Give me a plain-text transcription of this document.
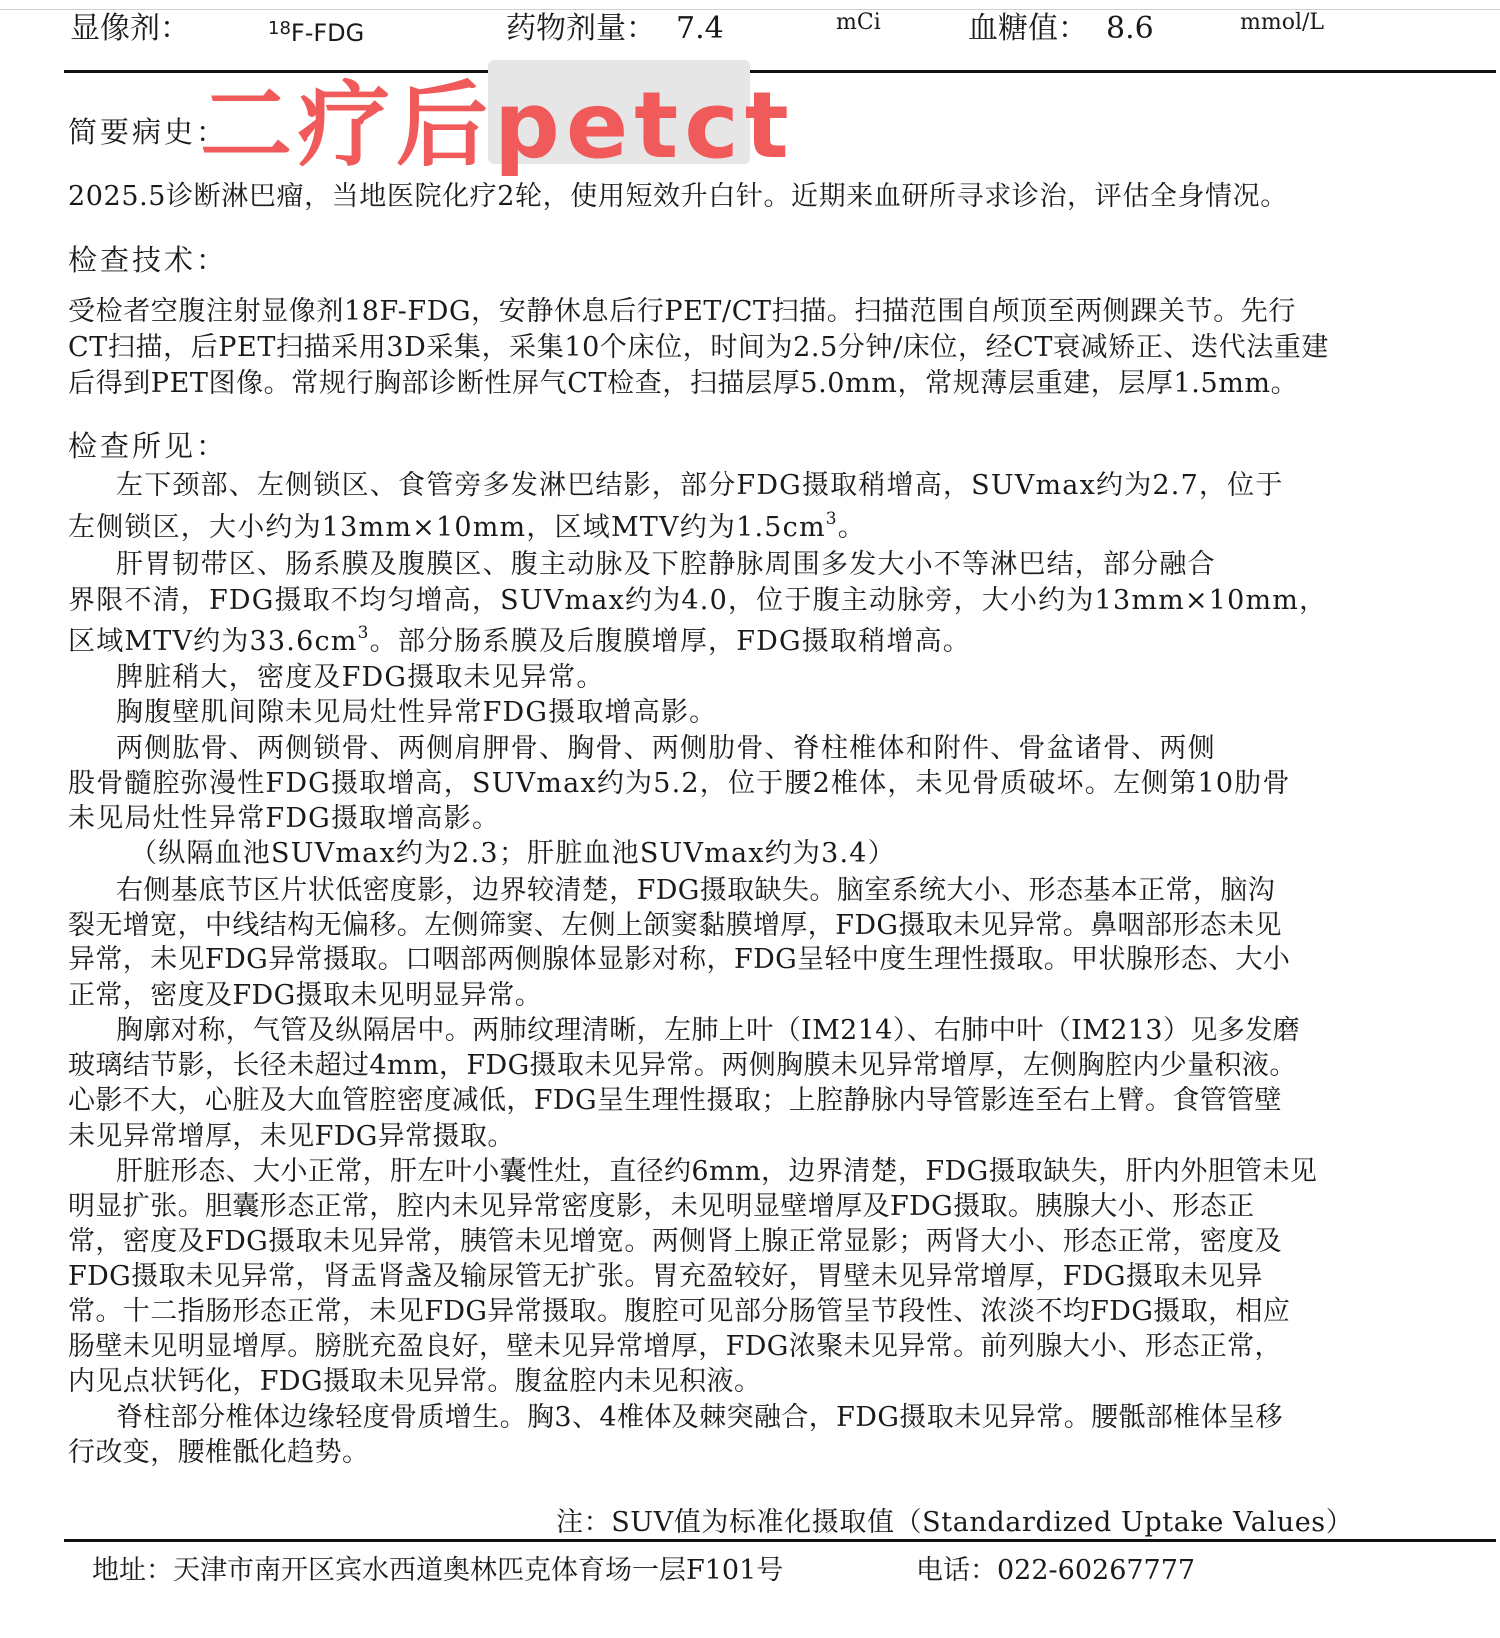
显像剂：	$^{18}$F-FDG	药物剂量： 7.4	mCi	血糖值： 8.6	mmol/L
简要病史：
二疗后petct
2025.5诊断淋巴瘤，当地医院化疗2轮，使用短效升白针。近期来血研所寻求诊治，评估全身情况。
检查技术：
受检者空腹注射显像剂18F-FDG，安静休息后行PET/CT扫描。扫描范围自颅顶至两侧踝关节。先行
CT扫描，后PET扫描采用3D采集，采集10个床位，时间为2.5分钟/床位，经CT衰减矫正、迭代法重建
后得到PET图像。常规行胸部诊断性屏气CT检查，扫描层厚5.0mm，常规薄层重建，层厚1.5mm。
检查所见：
左下颈部、左侧锁区、食管旁多发淋巴结影，部分FDG摄取稍增高，SUVmax约为2.7，位于
左侧锁区，大小约为13mm×10mm，区域MTV约为$1.5cm^3$。
肝胃韧带区、肠系膜及腹膜区、腹主动脉及下腔静脉周围多发大小不等淋巴结，部分融合
界限不清，FDG摄取不均匀增高，SUVmax约为4.0，位于腹主动脉旁，大小约为13mm×10mm，
区域MTV约为$33.6cm^3$。部分肠系膜及后腹膜增厚，FDG摄取稍增高。
脾脏稍大，密度及FDG摄取未见异常。
胸腹壁肌间隙未见局灶性异常FDG摄取增高影。
两侧肱骨、两侧锁骨、两侧肩胛骨、胸骨、两侧肋骨、脊柱椎体和附件、骨盆诸骨、两侧
股骨髓腔弥漫性FDG摄取增高，SUVmax约为5.2，位于腰2椎体，未见骨质破坏。左侧第10肋骨
未见局灶性异常FDG摄取增高影。
（纵隔血池SUVmax约为2.3；肝脏血池SUVmax约为3.4）
右侧基底节区片状低密度影，边界较清楚，FDG摄取缺失。脑室系统大小、形态基本正常，脑沟
裂无增宽，中线结构无偏移。左侧筛窦、左侧上颌窦黏膜增厚，FDG摄取未见异常。鼻咽部形态未见
异常，未见FDG异常摄取。口咽部两侧腺体显影对称，FDG呈轻中度生理性摄取。甲状腺形态、大小
正常，密度及FDG摄取未见明显异常。
胸廓对称，气管及纵隔居中。两肺纹理清晰，左肺上叶（IM214）、右肺中叶（IM213）见多发磨
玻璃结节影，长径未超过4mm，FDG摄取未见异常。两侧胸膜未见异常增厚，左侧胸腔内少量积液。
心影不大，心脏及大血管腔密度减低，FDG呈生理性摄取；上腔静脉内导管影连至右上臂。食管管壁
未见异常增厚，未见FDG异常摄取。
肝脏形态、大小正常，肝左叶小囊性灶，直径约6mm，边界清楚，FDG摄取缺失，肝内外胆管未见
明显扩张。胆囊形态正常，腔内未见异常密度影，未见明显壁增厚及FDG摄取。胰腺大小、形态正
常，密度及FDG摄取未见异常，胰管未见增宽。两侧肾上腺正常显影；两肾大小、形态正常，密度及
FDG摄取未见异常，肾盂肾盏及输尿管无扩张。胃充盈较好，胃壁未见异常增厚，FDG摄取未见异
常。十二指肠形态正常，未见FDG异常摄取。腹腔可见部分肠管呈节段性、浓淡不均FDG摄取，相应
肠壁未见明显增厚。膀胱充盈良好，壁未见异常增厚，FDG浓聚未见异常。前列腺大小、形态正常，
内见点状钙化，FDG摄取未见异常。腹盆腔内未见积液。
脊柱部分椎体边缘轻度骨质增生。胸3、4椎体及棘突融合，FDG摄取未见异常。腰骶部椎体呈移
行改变，腰椎骶化趋势。
注：SUV值为标准化摄取值（Standardized Uptake Values）
地址：天津市南开区宾水西道奥林匹克体育场一层F101号	电话：022-60267777
